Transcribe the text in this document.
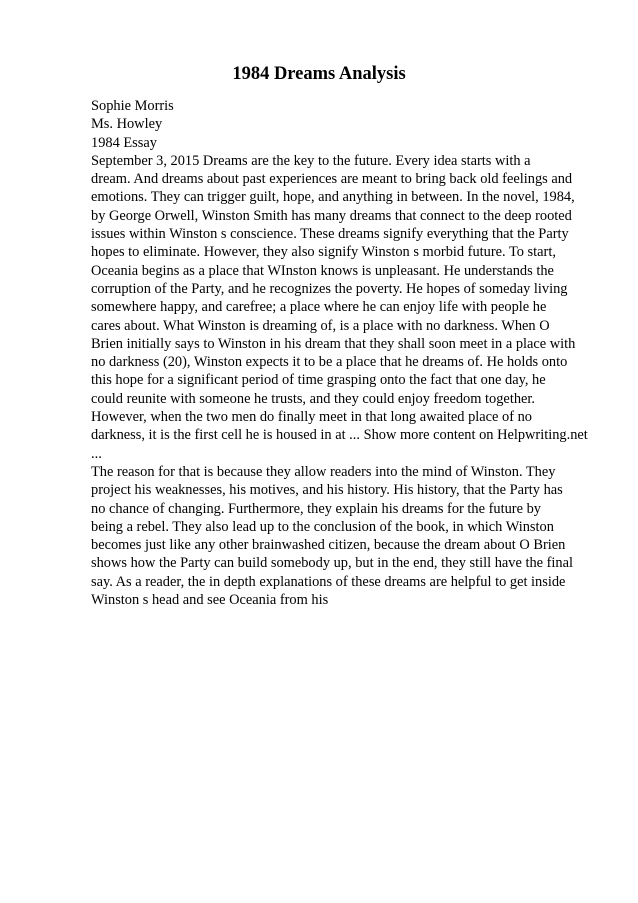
1984 Dreams Analysis
Sophie Morris
Ms. Howley
1984 Essay
September 3, 2015 Dreams are the key to the future. Every idea starts with a
dream. And dreams about past experiences are meant to bring back old feelings and
emotions. They can trigger guilt, hope, and anything in between. In the novel, 1984,
by George Orwell, Winston Smith has many dreams that connect to the deep rooted
issues within Winston s conscience. These dreams signify everything that the Party
hopes to eliminate. However, they also signify Winston s morbid future. To start,
Oceania begins as a place that WInston knows is unpleasant. He understands the
corruption of the Party, and he recognizes the poverty. He hopes of someday living
somewhere happy, and carefree; a place where he can enjoy life with people he
cares about. What Winston is dreaming of, is a place with no darkness. When O
Brien initially says to Winston in his dream that they shall soon meet in a place with
no darkness (20), Winston expects it to be a place that he dreams of. He holds onto
this hope for a significant period of time grasping onto the fact that one day, he
could reunite with someone he trusts, and they could enjoy freedom together.
However, when the two men do finally meet in that long awaited place of no
darkness, it is the first cell he is housed in at ... Show more content on Helpwriting.net
...
The reason for that is because they allow readers into the mind of Winston. They
project his weaknesses, his motives, and his history. His history, that the Party has
no chance of changing. Furthermore, they explain his dreams for the future by
being a rebel. They also lead up to the conclusion of the book, in which Winston
becomes just like any other brainwashed citizen, because the dream about O Brien
shows how the Party can build somebody up, but in the end, they still have the final
say. As a reader, the in depth explanations of these dreams are helpful to get inside
Winston s head and see Oceania from his
